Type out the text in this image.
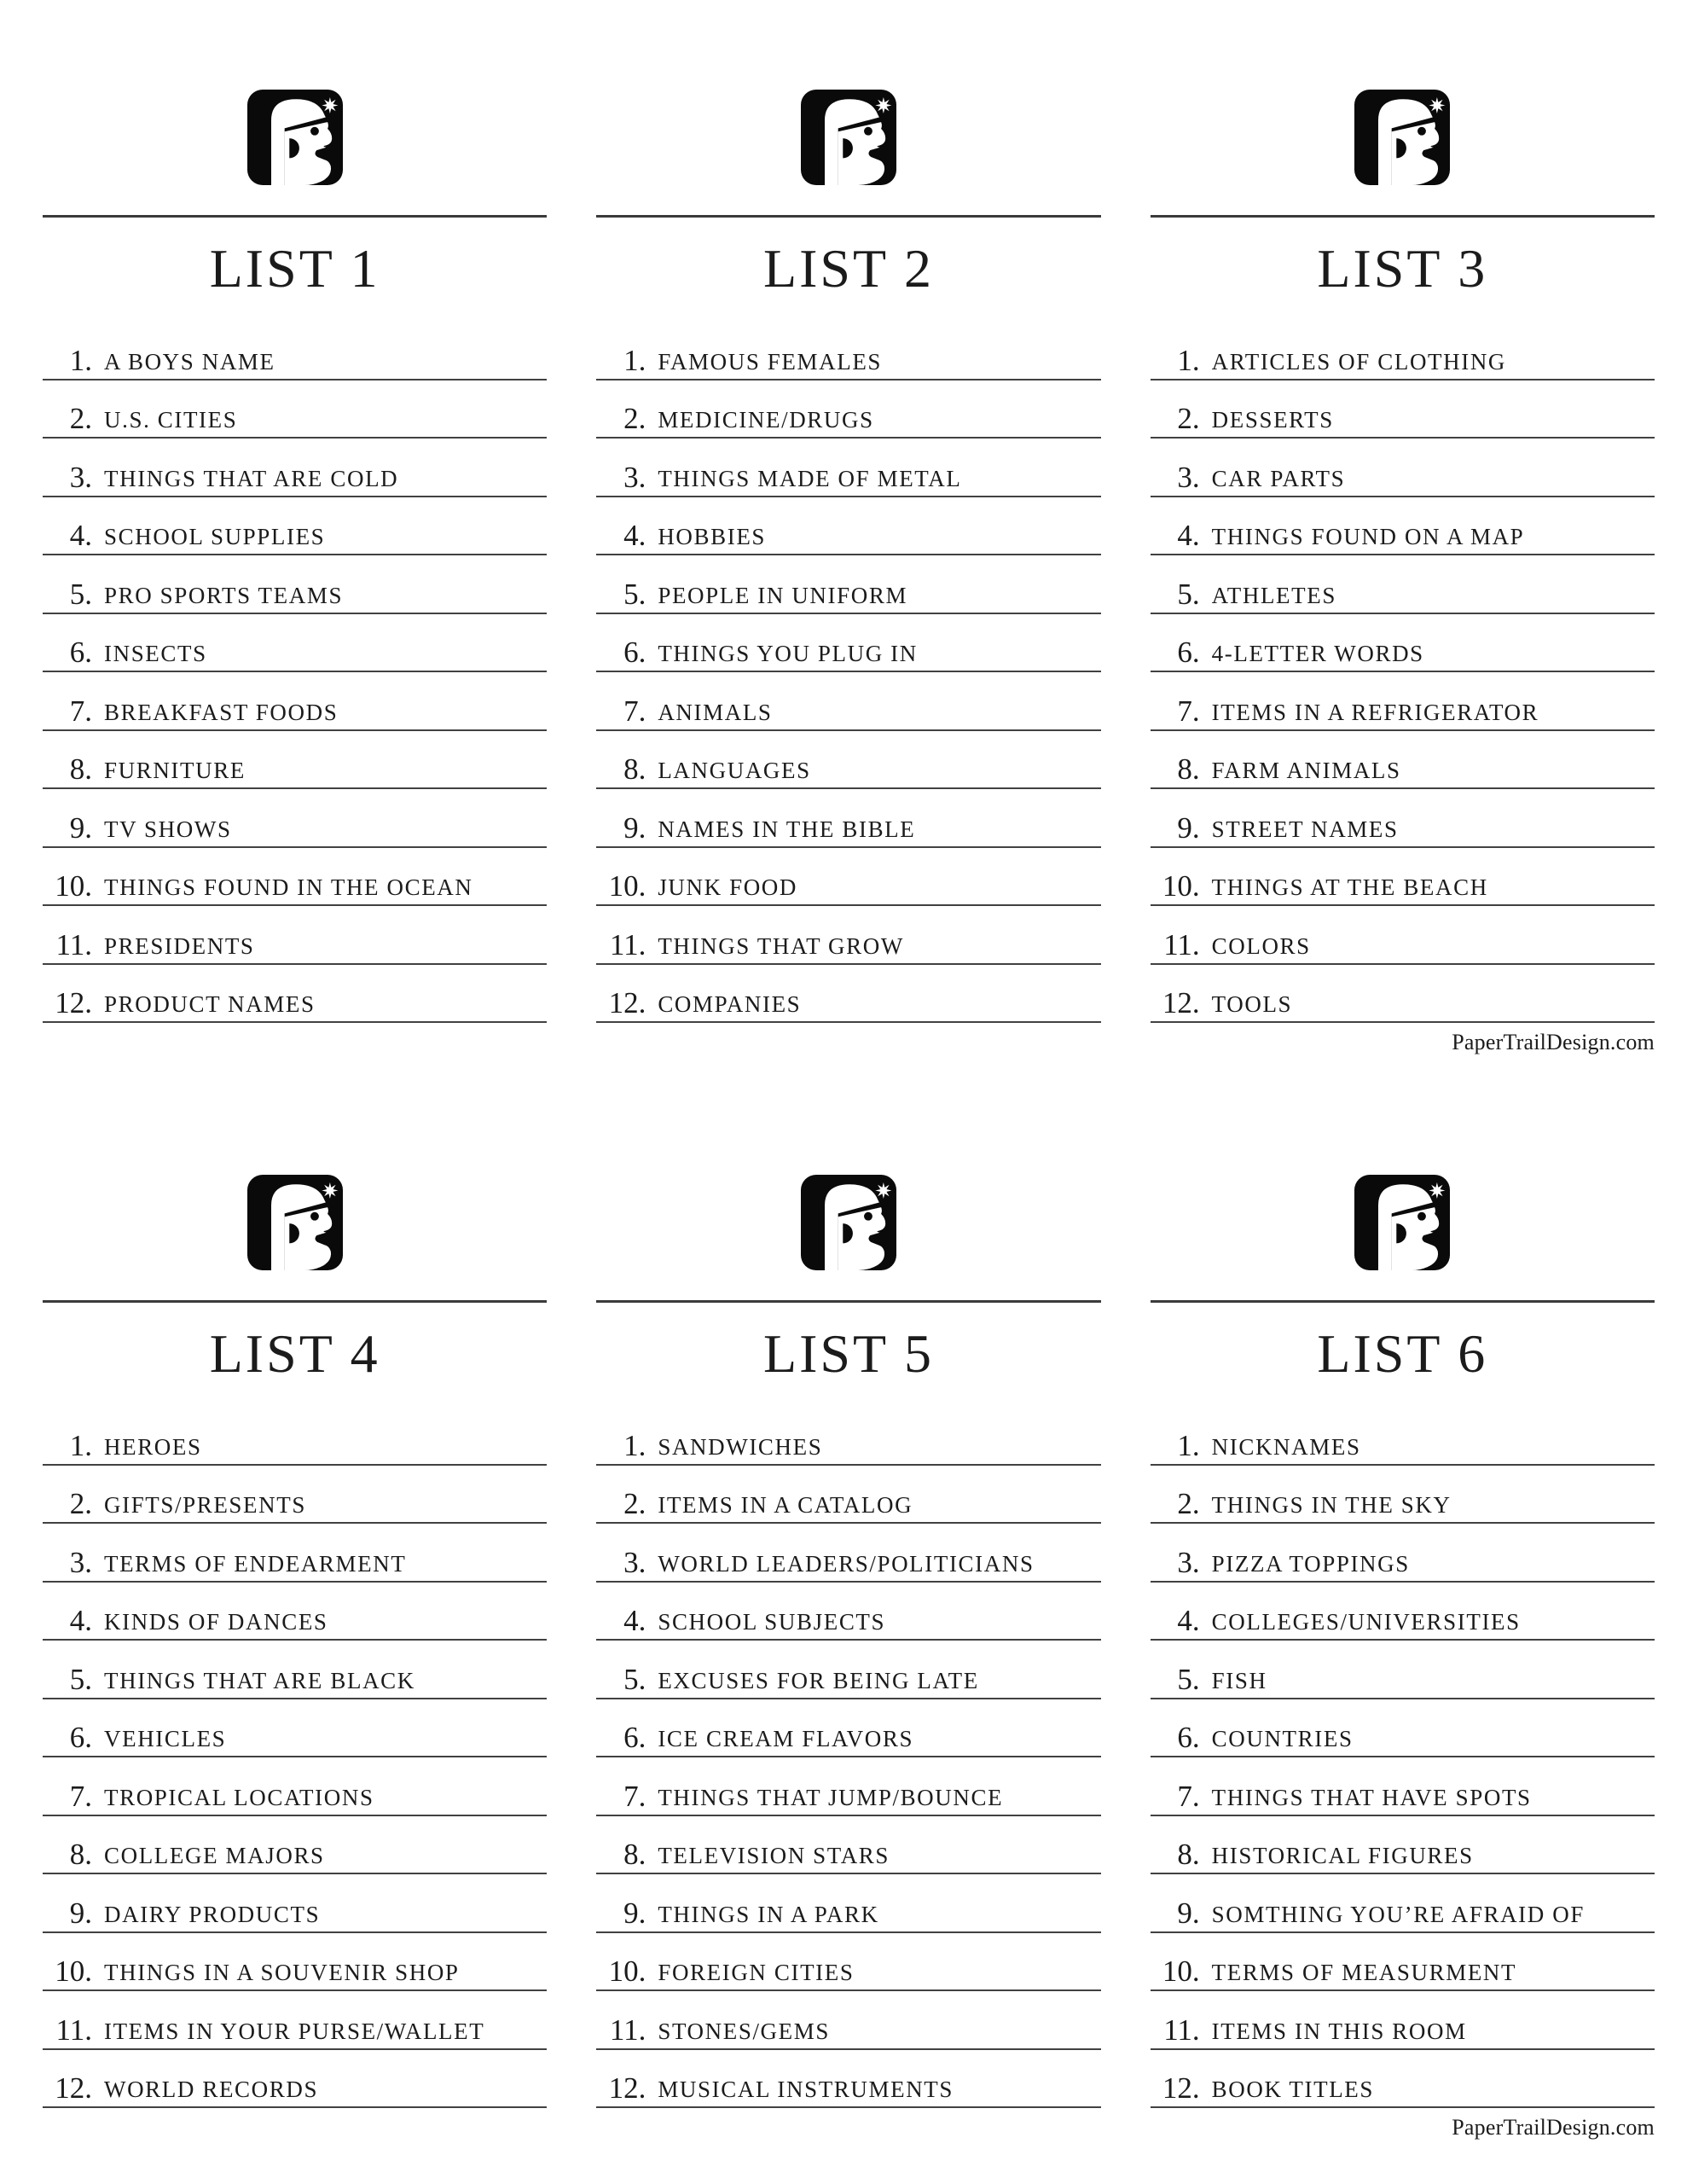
LIST 1
1. A BOYS NAME
2. U.S. CITIES
3. THINGS THAT ARE COLD
4. SCHOOL SUPPLIES
5. PRO SPORTS TEAMS
6. INSECTS
7. BREAKFAST FOODS
8. FURNITURE
9. TV SHOWS
10. THINGS FOUND IN THE OCEAN
11. PRESIDENTS
12. PRODUCT NAMES
LIST 2
1. FAMOUS FEMALES
2. MEDICINE/DRUGS
3. THINGS MADE OF METAL
4. HOBBIES
5. PEOPLE IN UNIFORM
6. THINGS YOU PLUG IN
7. ANIMALS
8. LANGUAGES
9. NAMES IN THE BIBLE
10. JUNK FOOD
11. THINGS THAT GROW
12. COMPANIES
LIST 3
1. ARTICLES OF CLOTHING
2. DESSERTS
3. CAR PARTS
4. THINGS FOUND ON A MAP
5. ATHLETES
6. 4-LETTER WORDS
7. ITEMS IN A REFRIGERATOR
8. FARM ANIMALS
9. STREET NAMES
10. THINGS AT THE BEACH
11. COLORS
12. TOOLS
PaperTrailDesign.com
LIST 4
1. HEROES
2. GIFTS/PRESENTS
3. TERMS OF ENDEARMENT
4. KINDS OF DANCES
5. THINGS THAT ARE BLACK
6. VEHICLES
7. TROPICAL LOCATIONS
8. COLLEGE MAJORS
9. DAIRY PRODUCTS
10. THINGS IN A SOUVENIR SHOP
11. ITEMS IN YOUR PURSE/WALLET
12. WORLD RECORDS
LIST 5
1. SANDWICHES
2. ITEMS IN A CATALOG
3. WORLD LEADERS/POLITICIANS
4. SCHOOL SUBJECTS
5. EXCUSES FOR BEING LATE
6. ICE CREAM FLAVORS
7. THINGS THAT JUMP/BOUNCE
8. TELEVISION STARS
9. THINGS IN A PARK
10. FOREIGN CITIES
11. STONES/GEMS
12. MUSICAL INSTRUMENTS
LIST 6
1. NICKNAMES
2. THINGS IN THE SKY
3. PIZZA TOPPINGS
4. COLLEGES/UNIVERSITIES
5. FISH
6. COUNTRIES
7. THINGS THAT HAVE SPOTS
8. HISTORICAL FIGURES
9. SOMTHING YOU’RE AFRAID OF
10. TERMS OF MEASURMENT
11. ITEMS IN THIS ROOM
12. BOOK TITLES
PaperTrailDesign.com
